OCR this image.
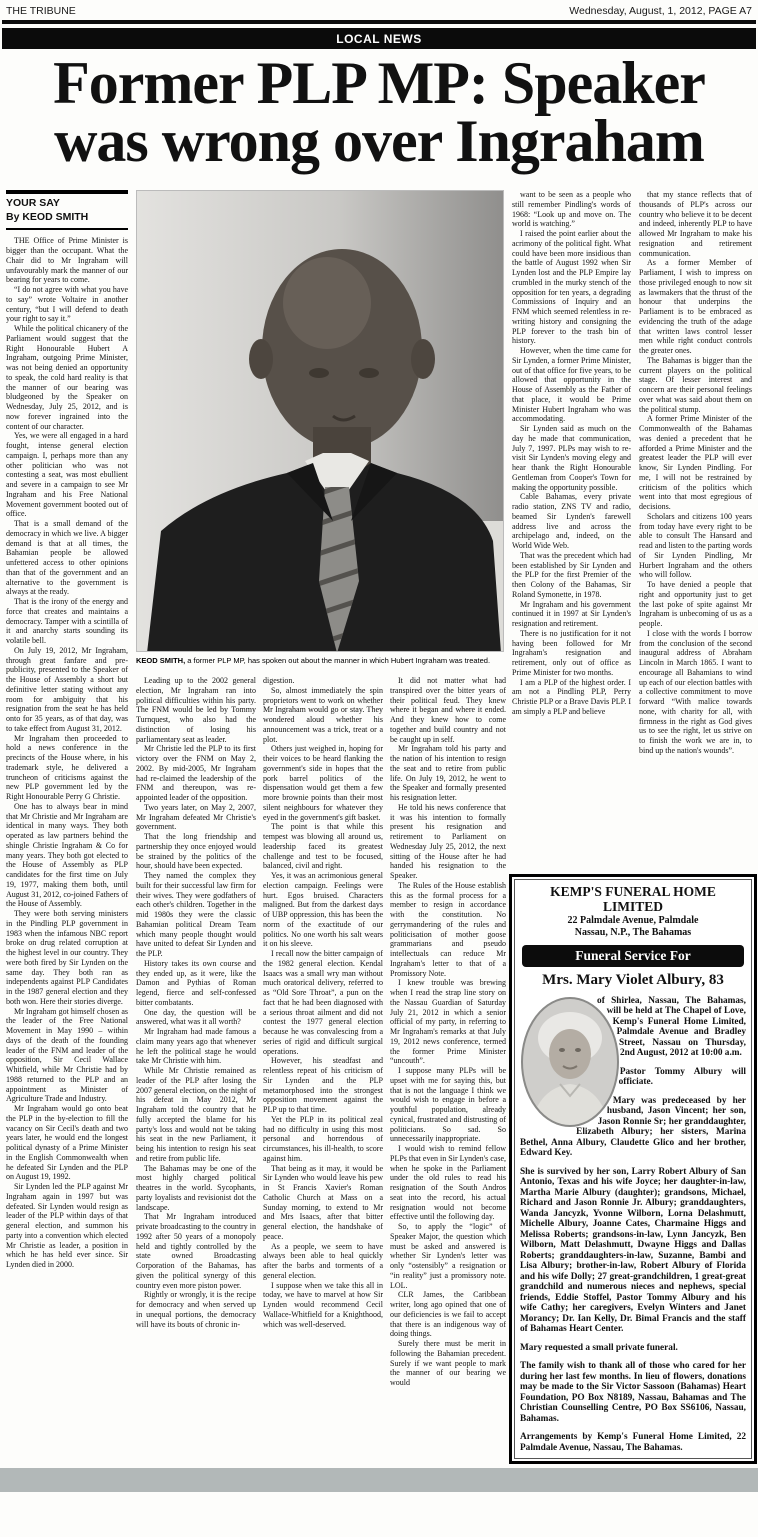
THE TRIBUNE	Wednesday, August, 1, 2012, PAGE A7
LOCAL NEWS
Former PLP MP: Speaker
was wrong over Ingraham
YOUR SAY
By KEOD SMITH

THE Office of Prime Minister is bigger than the occupant. What the Chair did to Mr Ingraham will unfavourably mark the manner of our bearing for years to come.

“I do not agree with what you have to say” wrote Voltaire in another century, “but I will defend to death your right to say it.”

While the political chicanery of the Parliament would suggest that the Right Honourable Hubert A Ingraham, outgoing Prime Minister, was not being denied an opportunity to speak, the cold hard reality is that the manner of our bearing was bludgeoned by the Speaker on Wednesday, July 25, 2012, and is now forever ingrained into the content of our character.

Yes, we were all engaged in a hard fought, intense general election campaign. I, perhaps more than any other politician who was not contesting a seat, was most ebullient and severe in a campaign to see Mr Ingraham and his Free National Movement government booted out of office.

That is a small demand of the democracy in which we live. A bigger demand is that at all times, the Bahamian people be allowed unfettered access to other opinions than that of the government and an alternative to the government is always at the ready.

That is the irony of the energy and force that creates and maintains a democracy. Tamper with a scintilla of it and anarchy starts sounding its volatile bell.

On July 19, 2012, Mr Ingraham, through great fanfare and pre-publicity, presented to the Speaker of the House of Assembly a short but definitive letter stating without any room for ambiguity that his resignation from the seat he has held onto for 35 years, as of that day, was to take effect from August 31, 2012.

Mr Ingraham then proceeded to hold a news conference in the precincts of the House where, in his trademark style, he delivered a truncheon of criticisms against the new PLP government led by the Right Honourable Perry G Christie.

One has to always bear in mind that Mr Christie and Mr Ingraham are identical in many ways. They both operated as law partners behind the shingle Christie Ingraham & Co for many years. They both got elected to the House of Assembly as PLP candidates for the first time on July 19, 1977, making them both, until August 31, 2012, co-joined Fathers of the House of Assembly.

They were both serving ministers in the Pindling PLP government in 1983 when the infamous NBC report broke on drug related corruption at the highest level in our country. They were both fired by Sir Lynden on the same day. They both ran as independents against PLP Candidates in the 1987 general election and they both won. Here their stories diverge.

Mr Ingraham got himself chosen as the leader of the Free National Movement in May 1990 – within days of the death of the founding leader of the FNM and leader of the opposition, Sir Cecil Wallace Whitfield, while Mr Christie had by 1988 returned to the PLP and an appointment as Minister of Agriculture Trade and Industry.

Mr Ingraham would go onto beat the PLP in the by-election to fill the vacancy on Sir Cecil's death and two years later, he would end the longest political dynasty of a Prime Minister in the English Commonwealth when he defeated Sir Lynden and the PLP on August 19, 1992.

Sir Lynden led the PLP against Mr Ingraham again in 1997 but was defeated. Sir Lynden would resign as leader of the PLP within days of that general election, and summon his party into a convention which elected Mr Christie as leader, a position in which he has held ever since. Sir Lynden died in 2000.

KEOD SMITH, a former PLP MP, has spoken out about the manner in which Hubert Ingraham was treated.

Leading up to the 2002 general election, Mr Ingraham ran into political difficulties within his party. The FNM would be led by Tommy Turnquest, who also had the distinction of losing his parliamentary seat as leader.

Mr Christie led the PLP to its first victory over the FNM on May 2, 2002. By mid-2005, Mr Ingraham had re-claimed the leadership of the FNM and thereupon, was re-appointed leader of the opposition.

Two years later, on May 2, 2007, Mr Ingraham defeated Mr Christie's government.

That the long friendship and partnership they once enjoyed would be strained by the politics of the hour, should have been expected.

They named the complex they built for their successful law firm for their wives. They were godfathers of each other's children. Together in the mid 1980s they were the classic Bahamian political Dream Team which many people thought would have united to defeat Sir Lynden and the PLP.

History takes its own course and they ended up, as it were, like the Damon and Pythias of Roman legend, fierce and self-confessed bitter combatants.

One day, the question will be answered, what was it all worth?

Mr Ingraham had made famous a claim many years ago that whenever he left the political stage he would take Mr Christie with him.

While Mr Christie remained as leader of the PLP after losing the 2007 general election, on the night of his defeat in May 2012, Mr Ingraham told the country that he fully accepted the blame for his party's loss and would not be taking his seat in the new Parliament, it being his intention to resign his seat and retire from public life.

The Bahamas may be one of the most highly charged political theatres in the world. Sycophants, party loyalists and revisionist dot the landscape.

That Mr Ingraham introduced private broadcasting to the country in 1992 after 50 years of a monopoly held and tightly controlled by the state owned Broadcasting Corporation of the Bahamas, has given the political synergy of this country even more piston power.

Rightly or wrongly, it is the recipe for democracy and when served up in unequal portions, the democracy will have its bouts of chronic in-

digestion.

So, almost immediately the spin proprietors went to work on whether Mr Ingraham would go or stay. They wondered aloud whether his announcement was a trick, treat or a plot.

Others just weighed in, hoping for their voices to be heard flanking the government's side in hopes that the pork barrel politics of the dispensation would get them a few more brownie points than their most silent neighbours for whatever they eyed in the government's gift basket.

The point is that while this tempest was blowing all around us, leadership faced its greatest challenge and test to be focused, balanced, civil and right.

Yes, it was an acrimonious general election campaign. Feelings were hurt. Egos bruised. Characters maligned. But from the darkest days of UBP oppression, this has been the norm of the exactitude of our politics. No one worth his salt wears it on his sleeve.

I recall now the bitter campaign of the 1982 general election. Kendal Isaacs was a small wry man without much oratorical delivery, referred to as “Old Sore Throat”, a pun on the fact that he had been diagnosed with a serious throat ailment and did not contest the 1977 general election because he was convalescing from a series of rigid and difficult surgical operations.

However, his steadfast and relentless repeat of his criticism of Sir Lynden and the PLP metamorphosed into the strongest opposition movement against the PLP up to that time.

Yet the PLP in its political zeal had no difficulty in using this most personal and horrendous of circumstances, his ill-health, to score against him.

That being as it may, it would be Sir Lynden who would leave his pew in St Francis Xavier's Roman Catholic Church at Mass on a Sunday morning, to extend to Mr and Mrs Isaacs, after that bitter general election, the handshake of peace.

As a people, we seem to have always been able to heal quickly after the barbs and torments of a general election.

I suppose when we take this all in today, we have to marvel at how Sir Lynden would recommend Cecil Wallace-Whitfield for a Knighthood, which was well-deserved.

It did not matter what had transpired over the bitter years of their political feud. They knew where it began and where it ended. And they knew how to come together and build country and not be caught up in self.

Mr Ingraham told his party and the nation of his intention to resign the seat and to retire from public life. On July 19, 2012, he went to the Speaker and formally presented his resignation letter.

He told his news conference that it was his intention to formally present his resignation and retirement to Parliament on Wednesday July 25, 2012, the next sitting of the House after he had handed his resignation to the Speaker.

The Rules of the House establish this as the formal process for a member to resign in accordance with the constitution. No gerrymandering of the rules and politicisation of mother goose grammarians and pseudo intellectuals can reduce Mr Ingraham's letter to that of a Promissory Note.

I knew trouble was brewing when I read the strap line story on the Nassau Guardian of Saturday July 21, 2012 in which a senior official of my party, in referring to Mr Ingraham's remarks at that July 19, 2012 news conference, termed the former Prime Minister “uncouth”.

I suppose many PLPs will be upset with me for saying this, but that is not the language I think we would wish to engage in before a youthful population, already cynical, frustrated and distrusting of politicians. So sad. So unnecessarily inappropriate.

I would wish to remind fellow PLPs that even in Sir Lynden's case, when he spoke in the Parliament under the old rules to read his resignation of the South Andros seat into the record, his actual resignation would not become effective until the following day.

So, to apply the “logic” of Speaker Major, the question which must be asked and answered is whether Sir Lynden's letter was only “ostensibly” a resignation or “in reality” just a promissory note. LOL.

CLR James, the Caribbean writer, long ago opined that one of our deficiencies is we fail to accept that there is an indigenous way of doing things.

Surely there must be merit in following the Bahamian precedent. Surely if we want people to mark the manner of our bearing we would

want to be seen as a people who still remember Pindling's words of 1968: “Look up and move on. The world is watching.”

I raised the point earlier about the acrimony of the political fight. What could have been more insidious than the battle of August 1992 when Sir Lynden lost and the PLP Empire lay crumbled in the murky stench of the opposition for ten years, a degrading Commissions of Inquiry and an FNM which seemed relentless in re-writing history and consigning the PLP forever to the trash bin of history.

However, when the time came for Sir Lynden, a former Prime Minister, out of that office for five years, to be allowed that opportunity in the House of Assembly as the Father of that place, it would be Prime Minister Hubert Ingraham who was accommodating.

Sir Lynden said as much on the day he made that communication, July 7, 1997. PLPs may wish to re-visit Sir Lynden's moving elegy and hear thank the Right Honourable Gentleman from Cooper's Town for making the opportunity possible.

Cable Bahamas, every private radio station, ZNS TV and radio, beamed Sir Lynden's farewell address live and across the archipelago and, indeed, on the World Wide Web.

That was the precedent which had been established by Sir Lynden and the PLP for the first Premier of the then Colony of the Bahamas, Sir Roland Symonette, in 1978.

Mr Ingraham and his government continued it in 1997 at Sir Lynden's resignation and retirement.

There is no justification for it not having been followed for Mr Ingraham's resignation and retirement, only out of office as Prime Minister for two months.

I am a PLP of the highest order. I am not a Pindling PLP, Perry Christie PLP or a Brave Davis PLP. I am simply a PLP and believe

that my stance reflects that of thousands of PLP's across our country who believe it to be decent and indeed, inherently PLP to have allowed Mr Ingraham to make his resignation and retirement communication.

As a former Member of Parliament, I wish to impress on those privileged enough to now sit as lawmakers that the thrust of the honour that underpins the Parliament is to be embraced as evidencing the truth of the adage that written laws control lesser men while right conduct controls the greater ones.

The Bahamas is bigger than the current players on the political stage. Of lesser interest and concern are their personal feelings over what was said about them on the political stump.

A former Prime Minister of the Commonwealth of the Bahamas was denied a precedent that he afforded a Prime Minister and the greatest leader the PLP will ever know, Sir Lynden Pindling. For me, I will not be restrained by criticism of the politics which went into that most egregious of decisions.

Scholars and citizens 100 years from today have every right to be able to consult The Hansard and read and listen to the parting words of Sir Lynden Pindling, Mr Hurbert Ingraham and the others who will follow.

To have denied a people that right and opportunity just to get the last poke of spite against Mr Ingraham is unbecoming of us as a people.

I close with the words I borrow from the conclusion of the second inaugural address of Abraham Lincoln in March 1865. I want to encourage all Bahamians to wind up each of our election battles with a collective commitment to move forward “With malice towards none, with charity for all, with firmness in the right as God gives us to see the right, let us strive on to finish the work we are in, to bind up the nation's wounds”.

KEMP'S FUNERAL HOME LIMITED
22 Palmdale Avenue, Palmdale
Nassau, N.P., The Bahamas
Funeral Service For
Mrs. Mary Violet Albury, 83

of Shirlea, Nassau, The Bahamas, will be held at The Chapel of Love, Kemp's Funeral Home Limited, Palmdale Avenue and Bradley Street, Nassau on Thursday, 2nd August, 2012 at 10:00 a.m.

Pastor Tommy Albury will officiate.

Mary was predeceased by her husband, Jason Vincent; her son, Jason Ronnie Sr; her granddaughter, Elizabeth Albury; her sisters, Marina Bethel, Anna Albury, Claudette Glico and her brother, Edward Key.

She is survived by her son, Larry Robert Albury of San Antonio, Texas and his wife Joyce; her daughter-in-law, Martha Marie Albury (daughter); grandsons, Michael, Richard and Jason Ronnie Jr. Albury; granddaughters, Wanda Jancyzk, Yvonne Wilborn, Lorna Delashmutt, Michelle Albury, Joanne Cates, Charmaine Higgs and Melissa Roberts; grandsons-in-law, Lynn Jancyzk, Ben Wilborn, Matt Delashmutt, Dwayne Higgs and Dallas Roberts; granddaughters-in-law, Suzanne, Bambi and Lisa Albury; brother-in-law, Robert Albury of Florida and his wife Dolly; 27 great-grandchildren, 1 great-great grandchild and numerous nieces and nephews, special friends, Eddie Stoffel, Pastor Tommy Albury and his wife Cathy; her caregivers, Evelyn Winters and Janet Morancy; Dr. Ian Kelly, Dr. Bimal Francis and the staff of Bahamas Heart Center.

Mary requested a small private funeral.

The family wish to thank all of those who cared for her during her last few months. In lieu of flowers, donations may be made to the Sir Victor Sassoon (Bahamas) Heart Foundation, PO Box N8189, Nassau, Bahamas and The Christian Counselling Centre, PO Box SS6106, Nassau, Bahamas.

Arrangements by Kemp's Funeral Home Limited, 22 Palmdale Avenue, Nassau, The Bahamas.
